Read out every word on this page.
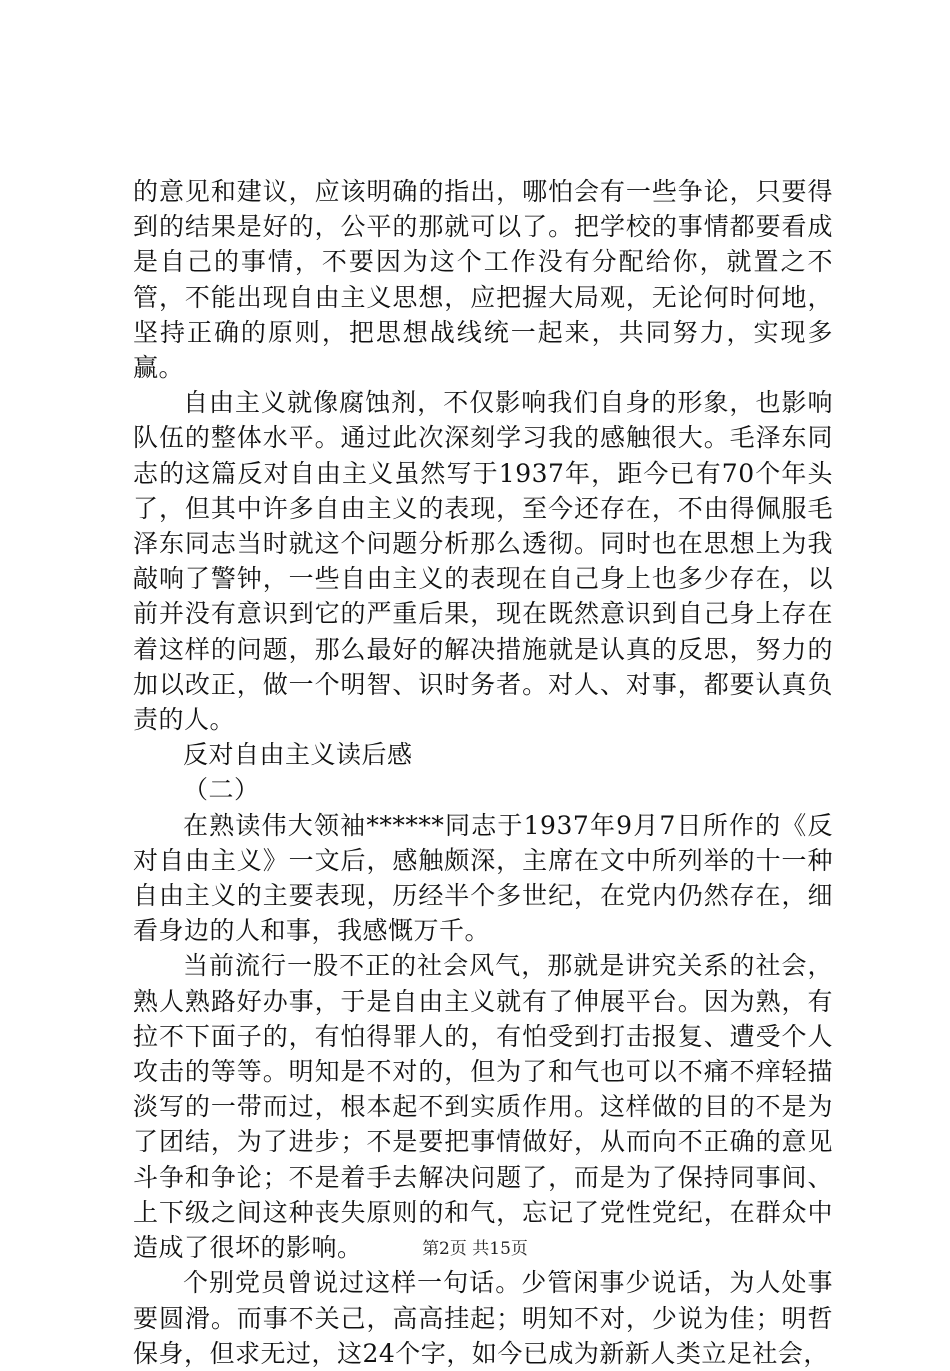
的意见和建议，应该明确的指出，哪怕会有一些争论，只要得到的结果是好的，公平的那就可以了。把学校的事情都要看成是自己的事情，不要因为这个工作没有分配给你，就置之不管，不能出现自由主义思想，应把握大局观，无论何时何地，坚持正确的原则，把思想战线统一起来，共同努力，实现多赢。

自由主义就像腐蚀剂，不仅影响我们自身的形象，也影响队伍的整体水平。通过此次深刻学习我的感触很大。毛泽东同志的这篇反对自由主义虽然写于1937年，距今已有70个年头了，但其中许多自由主义的表现，至今还存在，不由得佩服毛泽东同志当时就这个问题分析那么透彻。同时也在思想上为我敲响了警钟，一些自由主义的表现在自己身上也多少存在，以前并没有意识到它的严重后果，现在既然意识到自己身上存在着这样的问题，那么最好的解决措施就是认真的反思，努力的加以改正，做一个明智、识时务者。对人、对事，都要认真负责的人。

反对自由主义读后感

（二）

在熟读伟大领袖******同志于1937年9月7日所作的《反对自由主义》一文后，感触颇深，主席在文中所列举的十一种自由主义的主要表现，历经半个多世纪，在党内仍然存在，细看身边的人和事，我感慨万千。

当前流行一股不正的社会风气，那就是讲究关系的社会，熟人熟路好办事，于是自由主义就有了伸展平台。因为熟，有拉不下面子的，有怕得罪人的，有怕受到打击报复、遭受个人攻击的等等。明知是不对的，但为了和气也可以不痛不痒轻描淡写的一带而过，根本起不到实质作用。这样做的目的不是为了团结，为了进步；不是要把事情做好，从而向不正确的意见斗争和争论；不是着手去解决问题了，而是为了保持同事间、上下级之间这种丧失原则的和气，忘记了党性党纪，在群众中造成了很坏的影响。

个别党员曾说过这样一句话。少管闲事少说话，为人处事要圆滑。而事不关己，高高挂起；明知不对，少说为佳；明哲保身，但求无过，这24个字，如今已成为新新人类立足社会，

第2页 共15页
